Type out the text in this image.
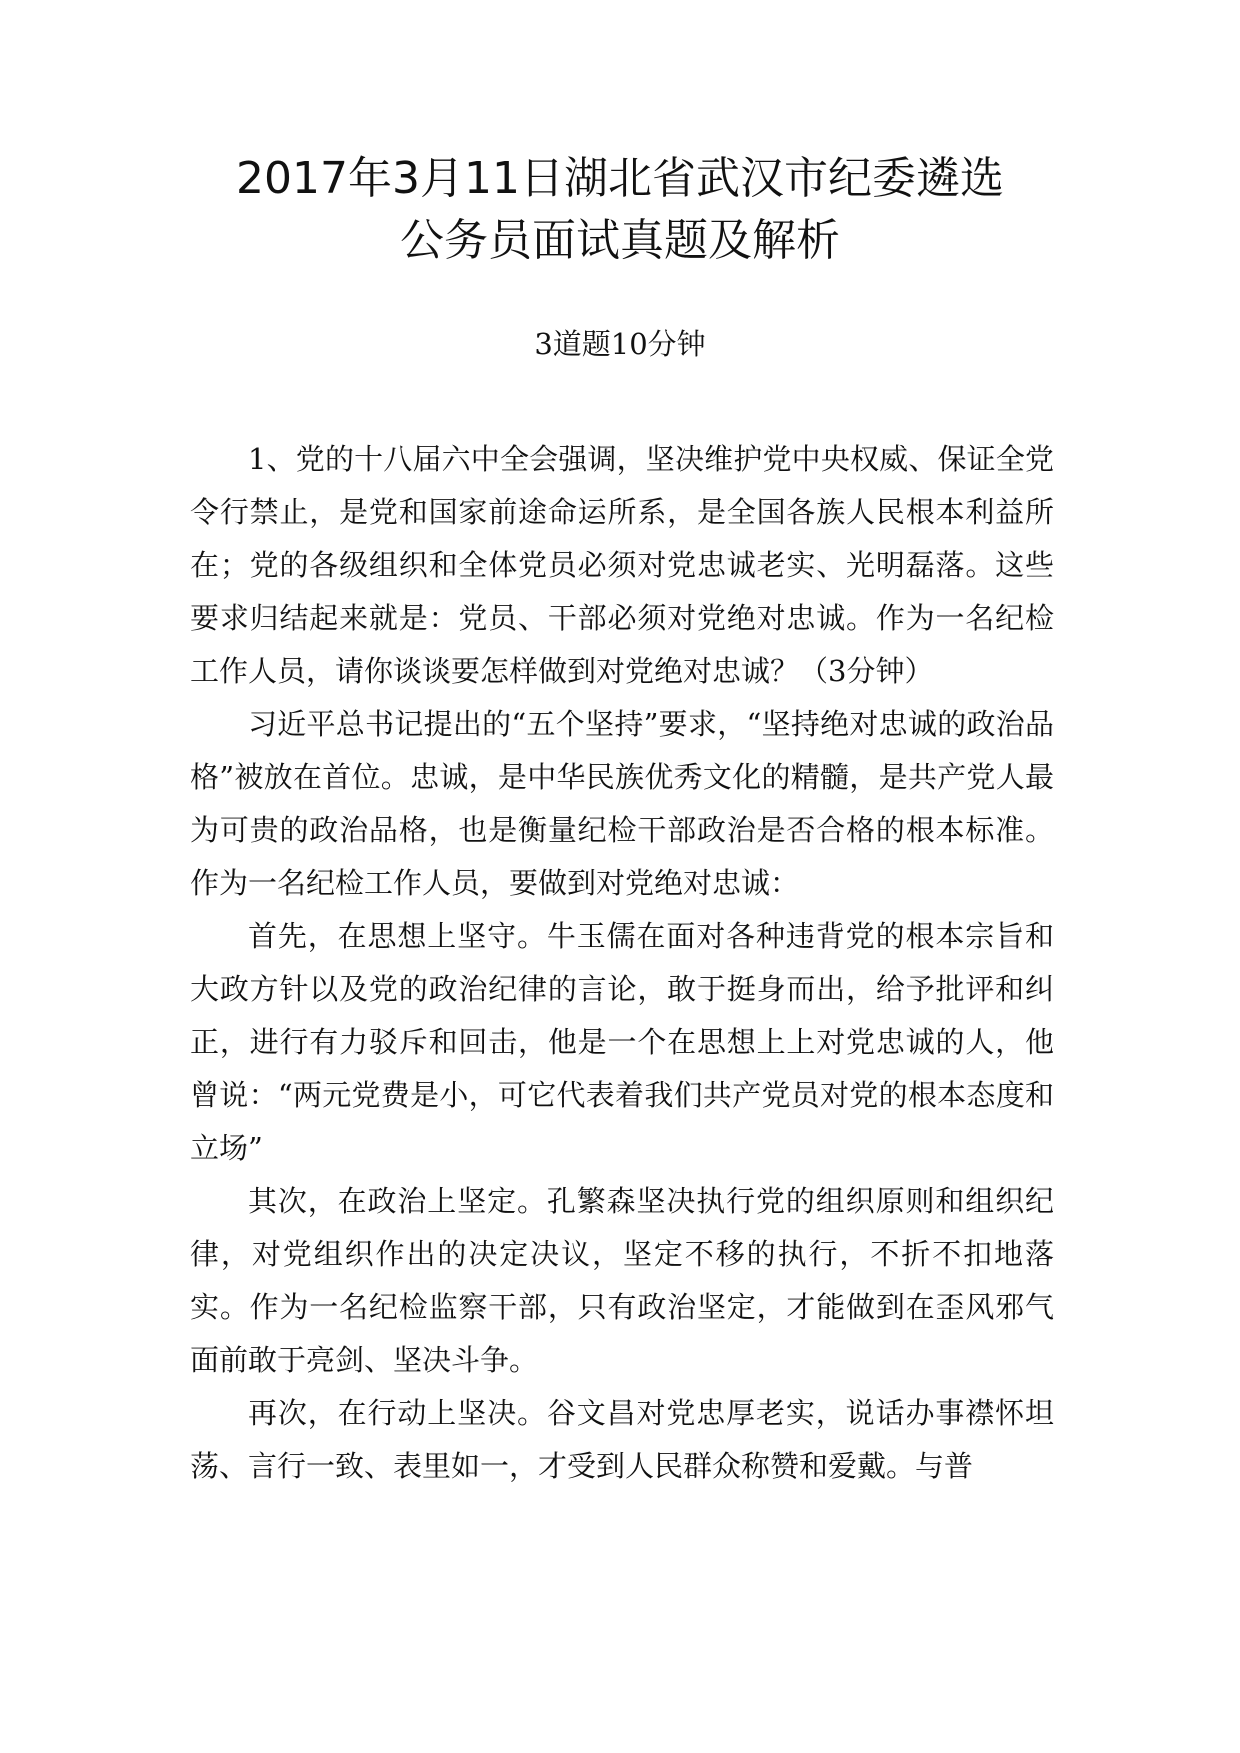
2017年3月11日湖北省武汉市纪委遴选
公务员面试真题及解析
3道题10分钟

1、党的十八届六中全会强调，坚决维护党中央权威、保证全党令行禁止，是党和国家前途命运所系，是全国各族人民根本利益所在；党的各级组织和全体党员必须对党忠诚老实、光明磊落。这些要求归结起来就是：党员、干部必须对党绝对忠诚。作为一名纪检工作人员，请你谈谈要怎样做到对党绝对忠诚？（3分钟）

习近平总书记提出的“五个坚持”要求，“坚持绝对忠诚的政治品格”被放在首位。忠诚，是中华民族优秀文化的精髓，是共产党人最为可贵的政治品格，也是衡量纪检干部政治是否合格的根本标准。作为一名纪检工作人员，要做到对党绝对忠诚：

首先，在思想上坚守。牛玉儒在面对各种违背党的根本宗旨和大政方针以及党的政治纪律的言论，敢于挺身而出，给予批评和纠正，进行有力驳斥和回击，他是一个在思想上上对党忠诚的人，他曾说：“两元党费是小，可它代表着我们共产党员对党的根本态度和立场”

其次，在政治上坚定。孔繁森坚决执行党的组织原则和组织纪律，对党组织作出的决定决议，坚定不移的执行，不折不扣地落实。作为一名纪检监察干部，只有政治坚定，才能做到在歪风邪气面前敢于亮剑、坚决斗争。

再次，在行动上坚决。谷文昌对党忠厚老实，说话办事襟怀坦荡、言行一致、表里如一，才受到人民群众称赞和爱戴。与普
